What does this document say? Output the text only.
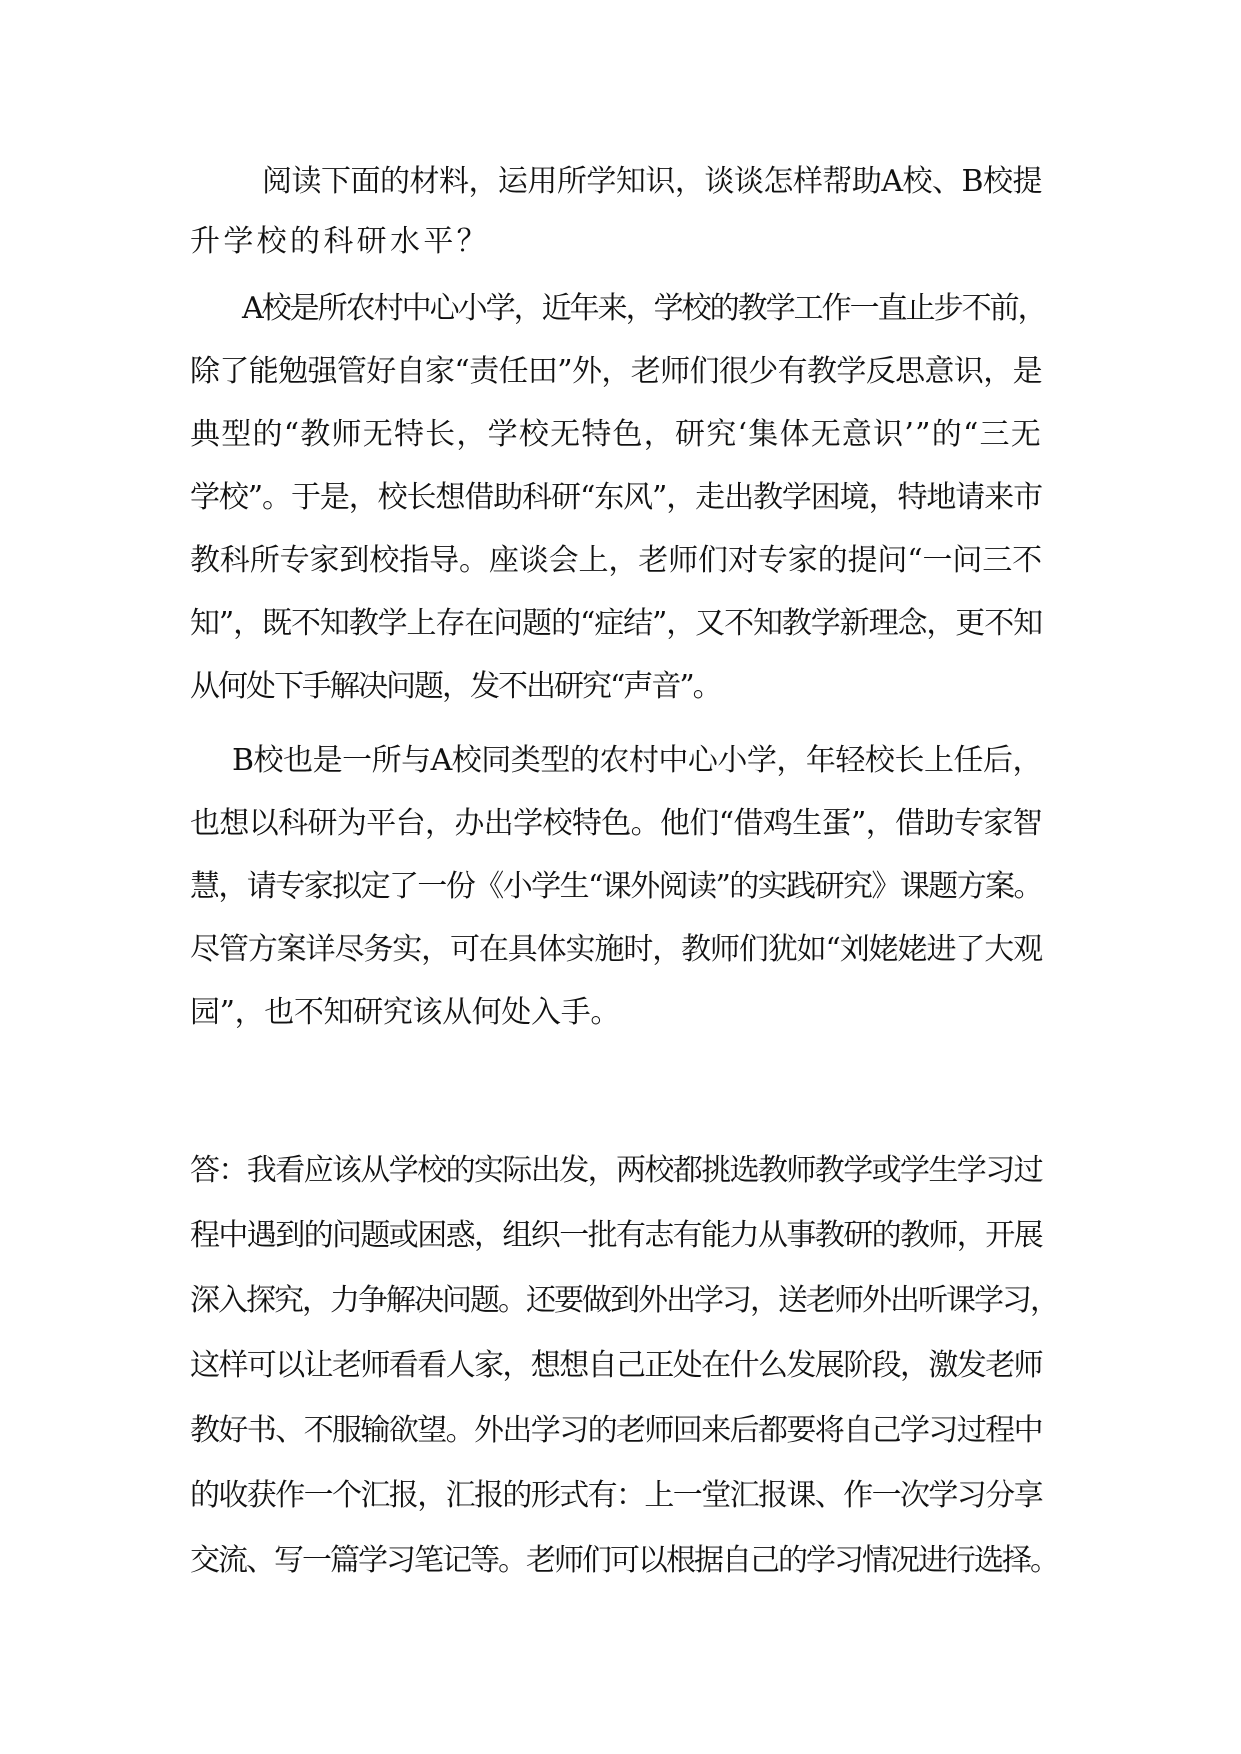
阅读下面的材料，运用所学知识，谈谈怎样帮助A校、B校提
升学校的科研水平？
A校是所农村中心小学，近年来，学校的教学工作一直止步不前，
除了能勉强管好自家“责任田”外，老师们很少有教学反思意识，是
典型的“教师无特长，学校无特色，研究‘集体无意识’”的“三无
学校”。于是，校长想借助科研“东风”，走出教学困境，特地请来市
教科所专家到校指导。座谈会上，老师们对专家的提问“一问三不
知”，既不知教学上存在问题的“症结”，又不知教学新理念，更不知
从何处下手解决问题，发不出研究“声音”。
B校也是一所与A校同类型的农村中心小学，年轻校长上任后，
也想以科研为平台，办出学校特色。他们“借鸡生蛋”，借助专家智
慧，请专家拟定了一份《小学生“课外阅读”的实践研究》课题方案。
尽管方案详尽务实，可在具体实施时，教师们犹如“刘姥姥进了大观
园”，也不知研究该从何处入手。
答：我看应该从学校的实际出发，两校都挑选教师教学或学生学习过
程中遇到的问题或困惑，组织一批有志有能力从事教研的教师，开展
深入探究，力争解决问题。还要做到外出学习，送老师外出听课学习，
这样可以让老师看看人家，想想自己正处在什么发展阶段，激发老师
教好书、不服输欲望。外出学习的老师回来后都要将自己学习过程中
的收获作一个汇报，汇报的形式有：上一堂汇报课、作一次学习分享
交流、写一篇学习笔记等。老师们可以根据自己的学习情况进行选择。
